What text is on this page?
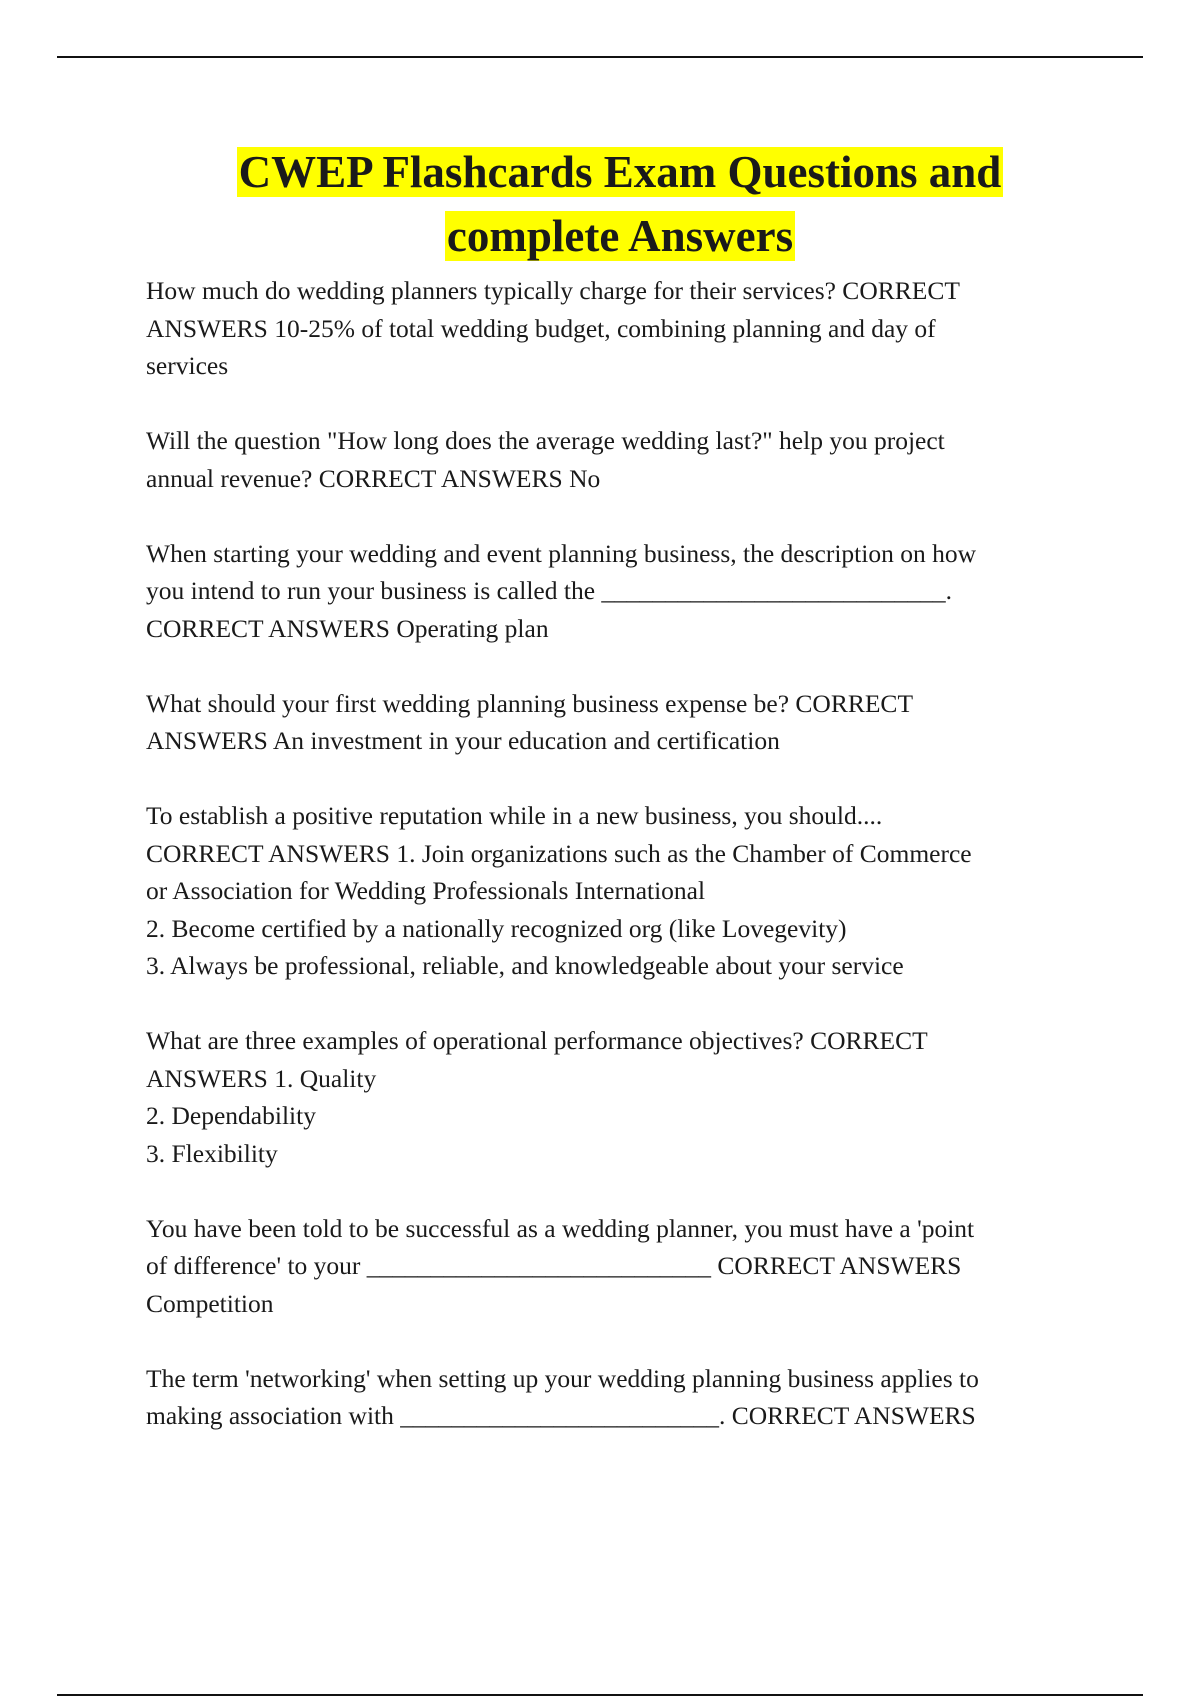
CWEP Flashcards Exam Questions and
complete Answers
How much do wedding planners typically charge for their services? CORRECT
ANSWERS 10-25% of total wedding budget, combining planning and day of
services
Will the question "How long does the average wedding last?" help you project
annual revenue? CORRECT ANSWERS No
When starting your wedding and event planning business, the description on how
you intend to run your business is called the ___________________________.
CORRECT ANSWERS Operating plan
What should your first wedding planning business expense be? CORRECT
ANSWERS An investment in your education and certification
To establish a positive reputation while in a new business, you should....
CORRECT ANSWERS 1. Join organizations such as the Chamber of Commerce
or Association for Wedding Professionals International
2. Become certified by a nationally recognized org (like Lovegevity)
3. Always be professional, reliable, and knowledgeable about your service
What are three examples of operational performance objectives? CORRECT
ANSWERS 1. Quality
2. Dependability
3. Flexibility
You have been told to be successful as a wedding planner, you must have a 'point
of difference' to your ___________________________ CORRECT ANSWERS
Competition
The term 'networking' when setting up your wedding planning business applies to
making association with _________________________. CORRECT ANSWERS
